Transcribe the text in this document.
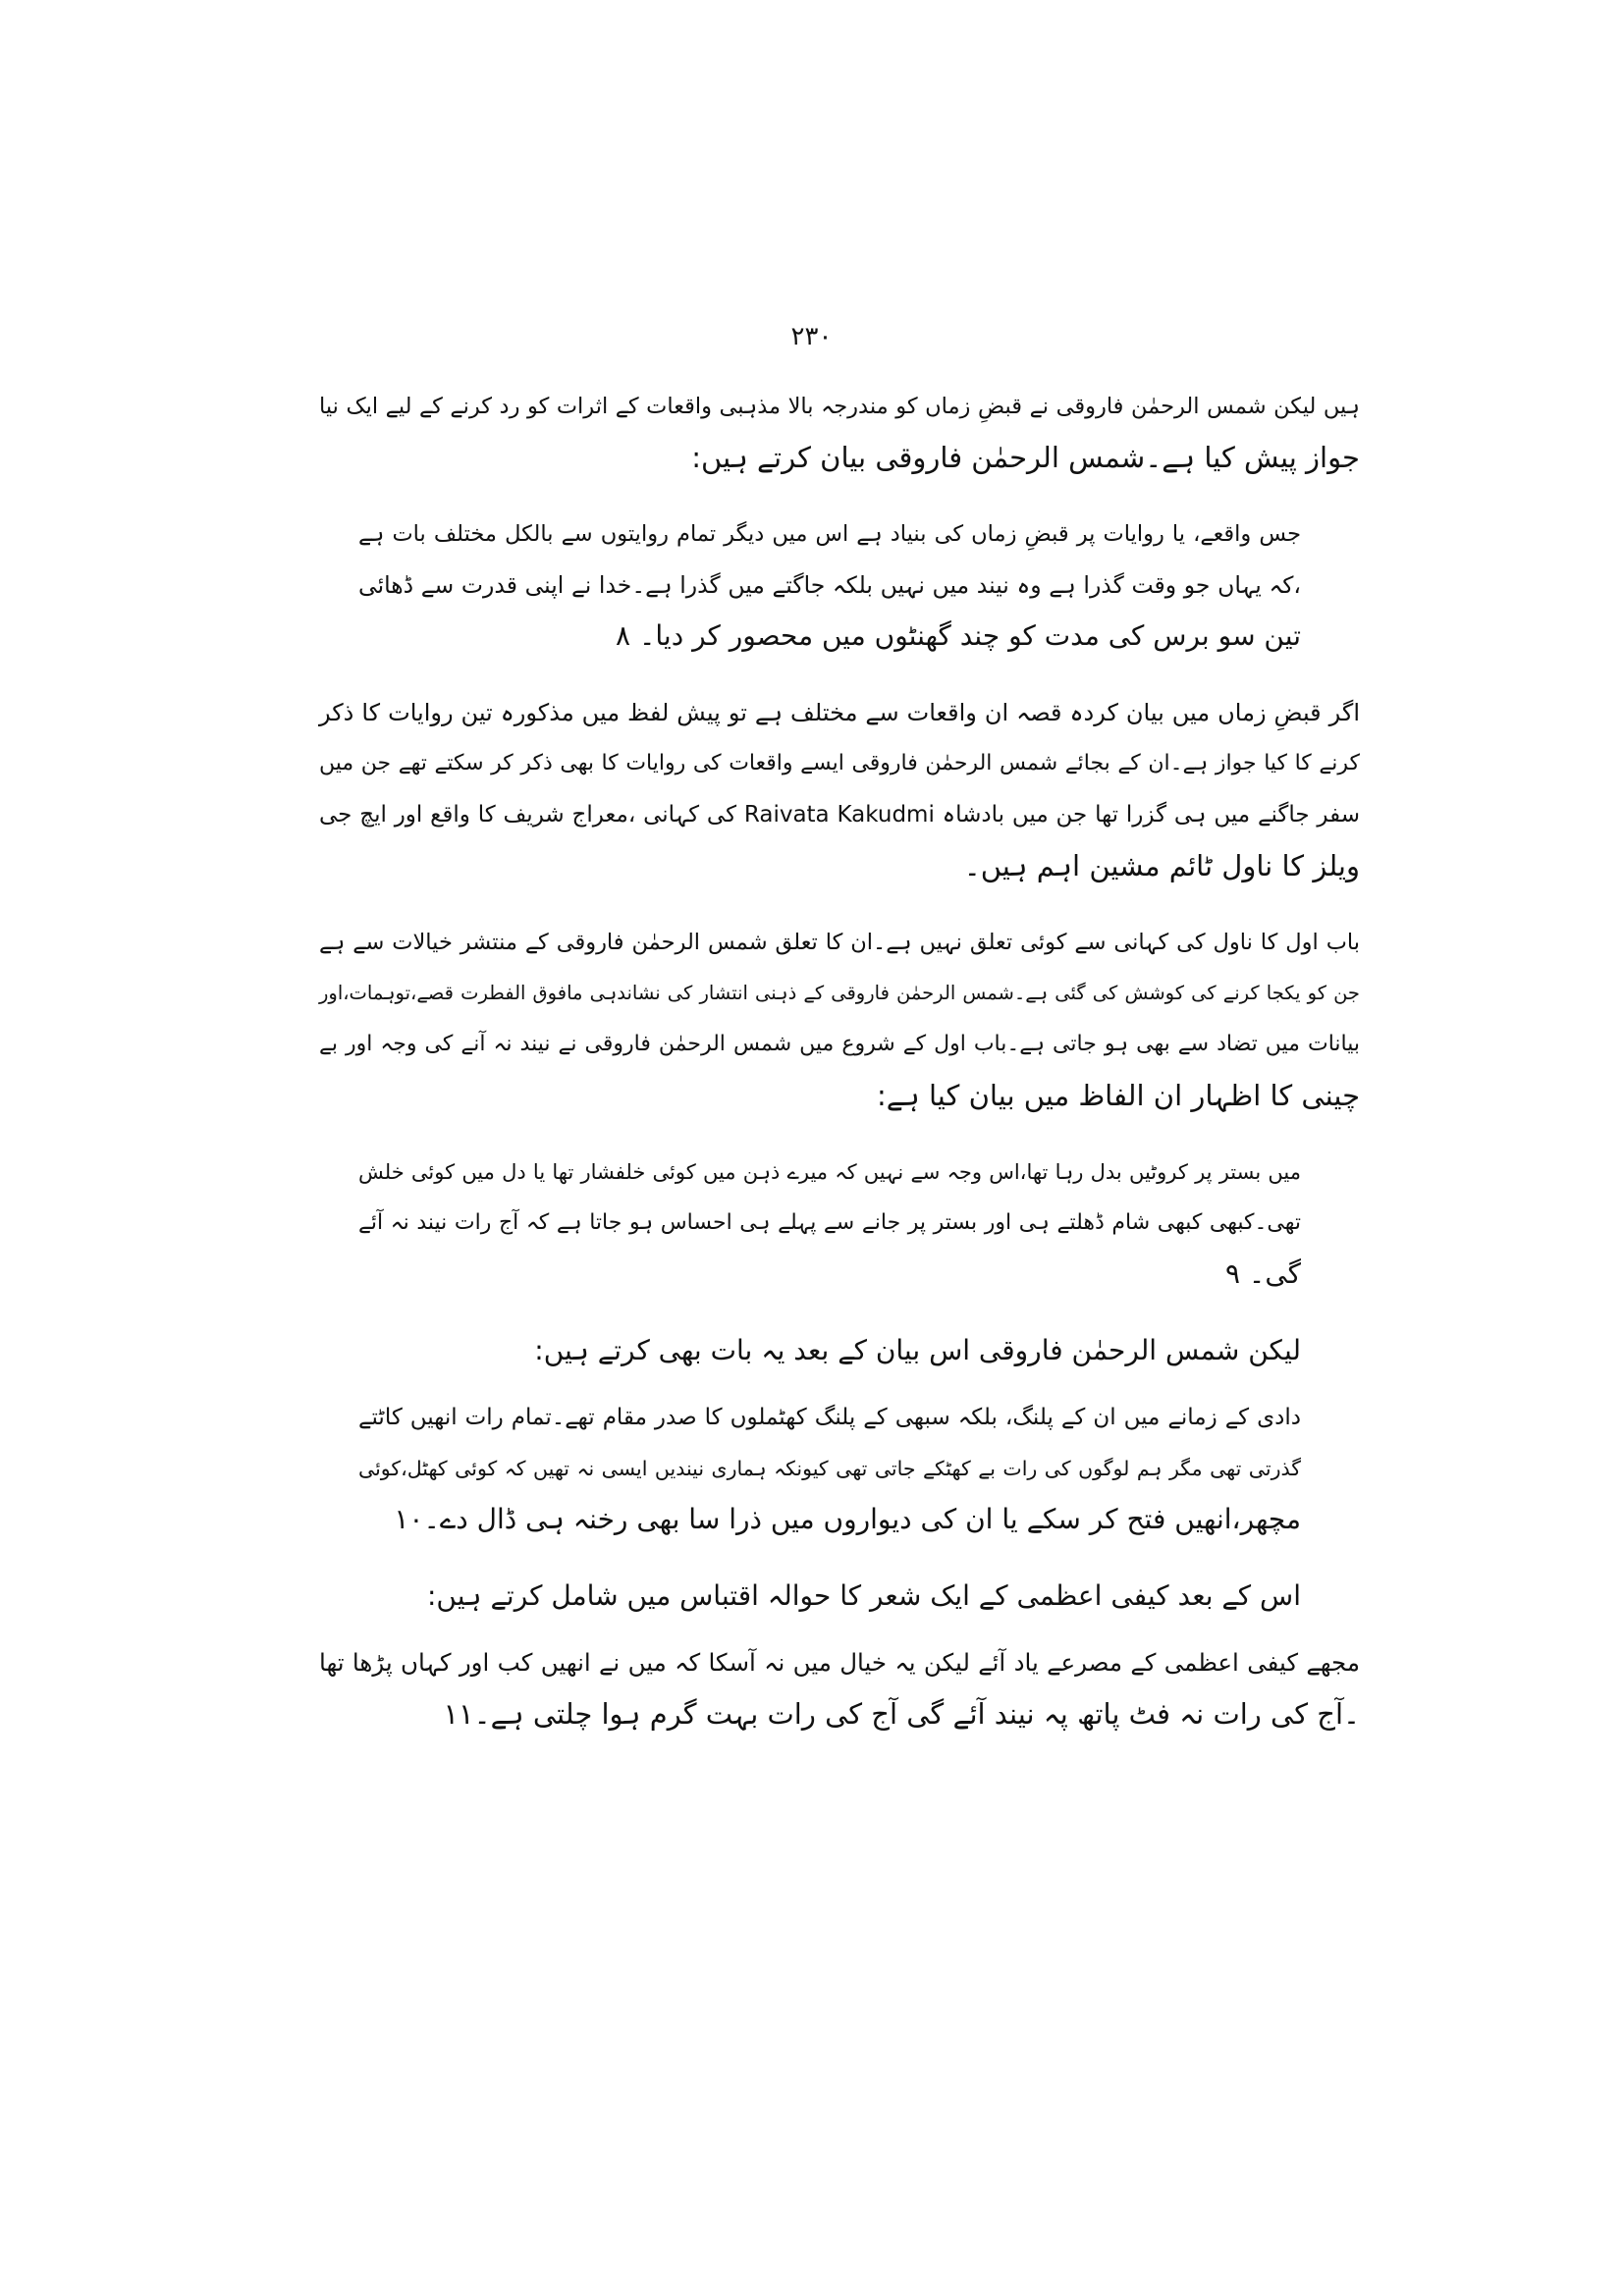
۲۳۰
ہیں لیکن شمس الرحمٰن فاروقی نے قبضِ زماں کو مندرجہ بالا مذہبی واقعات کے اثرات کو رد کرنے کے لیے ایک نیا
جواز پیش کیا ہے۔شمس الرحمٰن فاروقی بیان کرتے ہیں:
جس واقعے، یا روایات پر قبضِ زماں کی بنیاد ہے اس میں دیگر تمام روایتوں سے بالکل مختلف بات ہے
،کہ یہاں جو وقت گذرا ہے وہ نیند میں نہیں بلکہ جاگتے میں گذرا ہے۔خدا نے اپنی قدرت سے ڈھائی
تین سو برس کی مدت کو چند گھنٹوں میں محصور کر دیا۔ ۸
اگر قبضِ زماں میں بیان کردہ قصہ ان واقعات سے مختلف ہے تو پیش لفظ میں مذکورہ تین روایات کا ذکر
کرنے کا کیا جواز ہے۔ان کے بجائے شمس الرحمٰن فاروقی ایسے واقعات کی روایات کا بھی ذکر کر سکتے تھے جن میں
سفر جاگنے میں ہی گزرا تھا جن میں بادشاہ Raivata Kakudmi کی کہانی ،معراج شریف کا واقع اور ایچ جی
ویلز کا ناول ٹائم مشین اہم ہیں۔
باب اول کا ناول کی کہانی سے کوئی تعلق نہیں ہے۔ان کا تعلق شمس الرحمٰن فاروقی کے منتشر خیالات سے ہے
جن کو یکجا کرنے کی کوشش کی گئی ہے۔شمس الرحمٰن فاروقی کے ذہنی انتشار کی نشاندہی مافوق الفطرت قصے،توہمات،اور
بیانات میں تضاد سے بھی ہو جاتی ہے۔باب اول کے شروع میں شمس الرحمٰن فاروقی نے نیند نہ آنے کی وجہ اور بے
چینی کا اظہار ان الفاظ میں بیان کیا ہے:
میں بستر پر کروٹیں بدل رہا تھا،اس وجہ سے نہیں کہ میرے ذہن میں کوئی خلفشار تھا یا دل میں کوئی خلش
تھی۔کبھی کبھی شام ڈھلتے ہی اور بستر پر جانے سے پہلے ہی احساس ہو جاتا ہے کہ آج رات نیند نہ آئے
گی۔ ۹
لیکن شمس الرحمٰن فاروقی اس بیان کے بعد یہ بات بھی کرتے ہیں:
دادی کے زمانے میں ان کے پلنگ، بلکہ سبھی کے پلنگ کھٹملوں کا صدر مقام تھے۔تمام رات انھیں کاٹتے
گذرتی تھی مگر ہم لوگوں کی رات بے کھٹکے جاتی تھی کیونکہ ہماری نیندیں ایسی نہ تھیں کہ کوئی کھٹل،کوئی
مچھر،انھیں فتح کر سکے یا ان کی دیواروں میں ذرا سا بھی رخنہ ہی ڈال دے۔۱۰
اس کے بعد کیفی اعظمی کے ایک شعر کا حوالہ اقتباس میں شامل کرتے ہیں:
مجھے کیفی اعظمی کے مصرعے یاد آئے لیکن یہ خیال میں نہ آسکا کہ میں نے انھیں کب اور کہاں پڑھا تھا
۔آج کی رات نہ فٹ پاتھ پہ نیند آئے گی آج کی رات بہت گرم ہوا چلتی ہے۔۱۱
